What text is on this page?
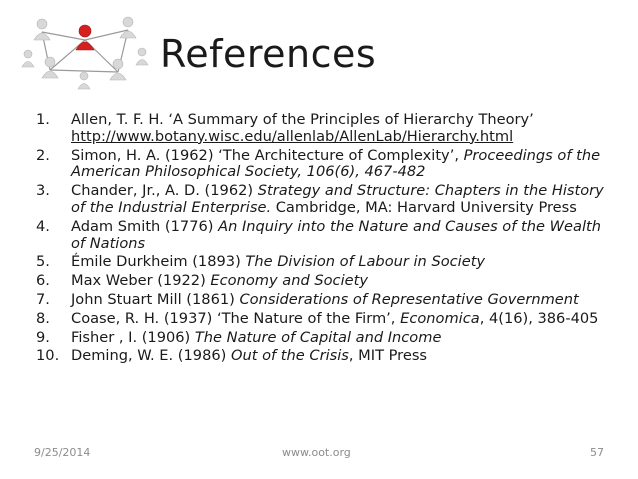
References
1. Allen, T. F. H. ‘A Summary of the Principles of Hierarchy Theory’ http://www.botany.wisc.edu/allenlab/AllenLab/Hierarchy.html
2. Simon, H. A. (1962) ‘The Architecture of Complexity’, Proceedings of the American Philosophical Society, 106(6), 467-482
3. Chander, Jr., A. D. (1962) Strategy and Structure: Chapters in the History of the Industrial Enterprise. Cambridge, MA: Harvard University Press
4. Adam Smith (1776) An Inquiry into the Nature and Causes of the Wealth of Nations
5. Émile Durkheim (1893) The Division of Labour in Society
6. Max Weber (1922) Economy and Society
7. John Stuart Mill (1861) Considerations of Representative Government
8. Coase, R. H. (1937) ‘The Nature of the Firm’, Economica, 4(16), 386-405
9. Fisher , I. (1906) The Nature of Capital and Income
10. Deming, W. E. (1986) Out of the Crisis, MIT Press
9/25/2014	www.oot.org	57
